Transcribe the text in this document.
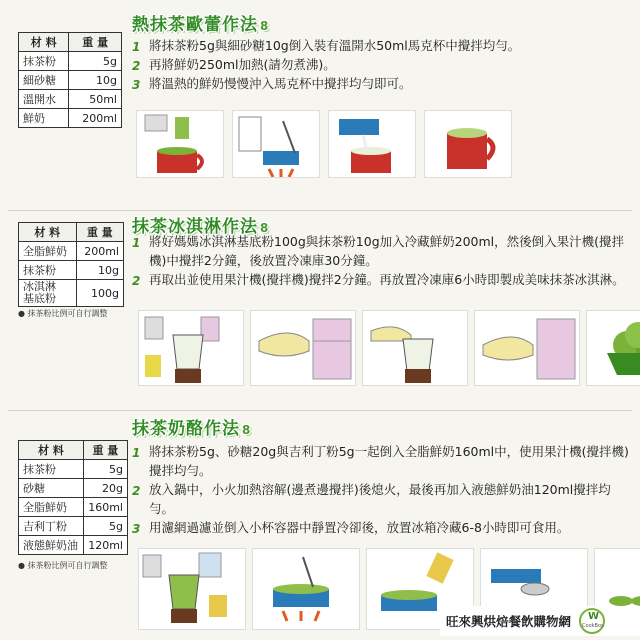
熱抹茶歐蕾作法 8
材 料	重 量
抹茶粉	5g
細砂糖	10g
溫開水	50ml
鮮奶	200ml
1 將抹茶粉5g與細砂糖10g倒入裝有溫開水50ml馬克杯中攪拌均勻。
2 再將鮮奶250ml加熱(請勿煮沸)。
3 將溫熱的鮮奶慢慢沖入馬克杯中攪拌均勻即可。
抹茶冰淇淋作法 8
材 料	重 量
全脂鮮奶	200ml
抹茶粉	10g
冰淇淋
基底粉	100g
● 抹茶粉比例可自行調整
1 將好媽媽冰淇淋基底粉100g與抹茶粉10g加入冷藏鮮奶200ml，然後倒入果汁機(攪拌機)中攪拌2分鐘，後放置冷凍庫30分鐘。
2 再取出並使用果汁機(攪拌機)攪拌2分鐘。再放置冷凍庫6小時即製成美味抹茶冰淇淋。
抹茶奶酪作法 8
材 料	重 量
抹茶粉	5g
砂糖	20g
全脂鮮奶	160ml
吉利丁粉	5g
液態鮮奶油	120ml
● 抹茶粉比例可自行調整
1 將抹茶粉5g、砂糖20g與吉利丁粉5g一起倒入全脂鮮奶160ml中，使用果汁機(攪拌機)攪拌均勻。
2 放入鍋中，小火加熱溶解(邊煮邊攪拌)後熄火，最後再加入液態鮮奶油120ml攪拌均勻。
3 用濾網過濾並倒入小杯容器中靜置冷卻後，放置冰箱冷藏6-8小時即可食用。
旺來興烘焙餐飲購物網 W
CookBox
